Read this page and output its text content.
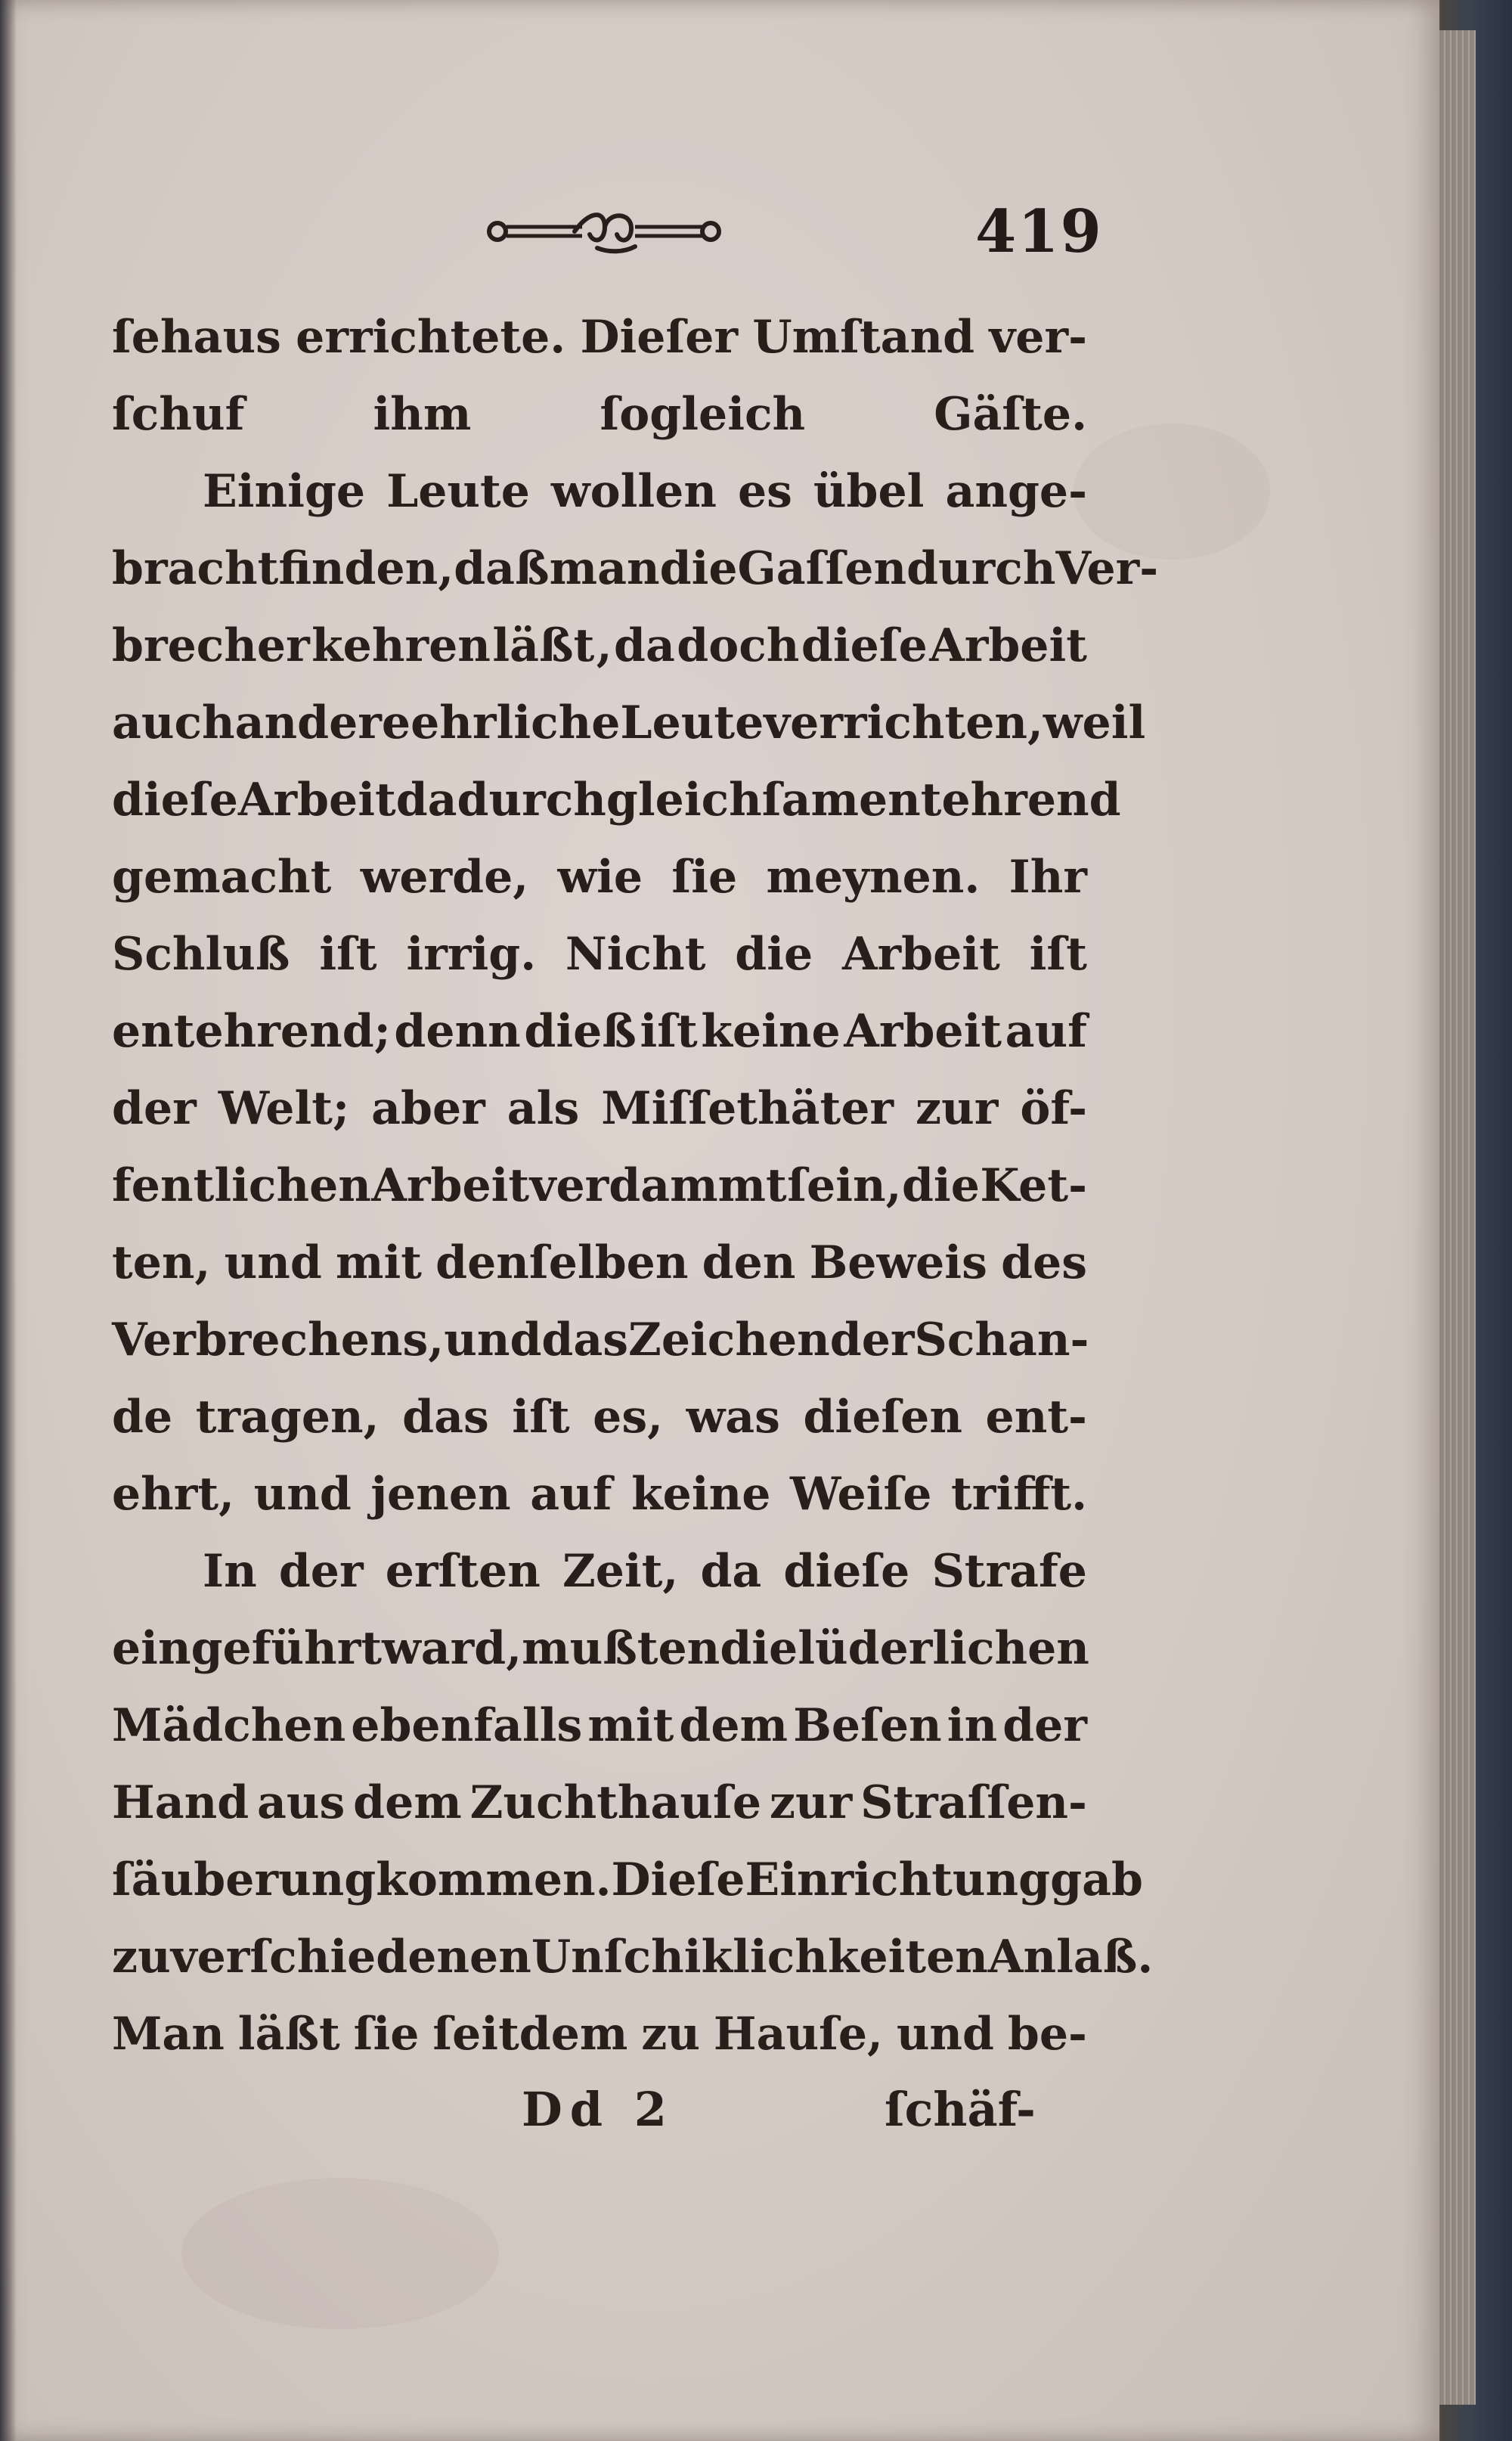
419
ſehaus errichtete. Dieſer Umſtand ver-
ſchuf	ihm	ſogleich	Gäſte.
Einige Leute wollen es übel ange-
bracht finden, daß man die Gaſſen durch Ver-
brecher kehren läßt , da doch dieſe Arbeit
auch andere ehrliche Leute verrichten, weil
dieſe Arbeit dadurch gleichſam entehrend
gemacht werde, wie ſie meynen. Ihr
Schluß iſt irrig. Nicht die Arbeit iſt
entehrend; denn dieß iſt keine Arbeit auf
der Welt; aber als Miſſethäter zur öf-
fentlichen Arbeit verdammt ſein, die Ket-
ten, und mit denſelben den Beweis des
Verbrechens, und das Zeichen der Schan-
de tragen, das iſt es, was dieſen ent-
ehrt, und jenen auf keine Weiſe trifft.
In der erſten Zeit, da dieſe Strafe
eingeführt ward, mußten die lüderlichen
Mädchen ebenfalls mit dem Beſen in der
Hand aus dem Zuchthauſe zur Straſſen-
ſäuberung kommen. Dieſe Einrichtung gab
zu verſchiedenen Unſchiklichkeiten Anlaß.
Man läßt ſie ſeitdem zu Hauſe, und be-
Dd 2	ſchäf-
